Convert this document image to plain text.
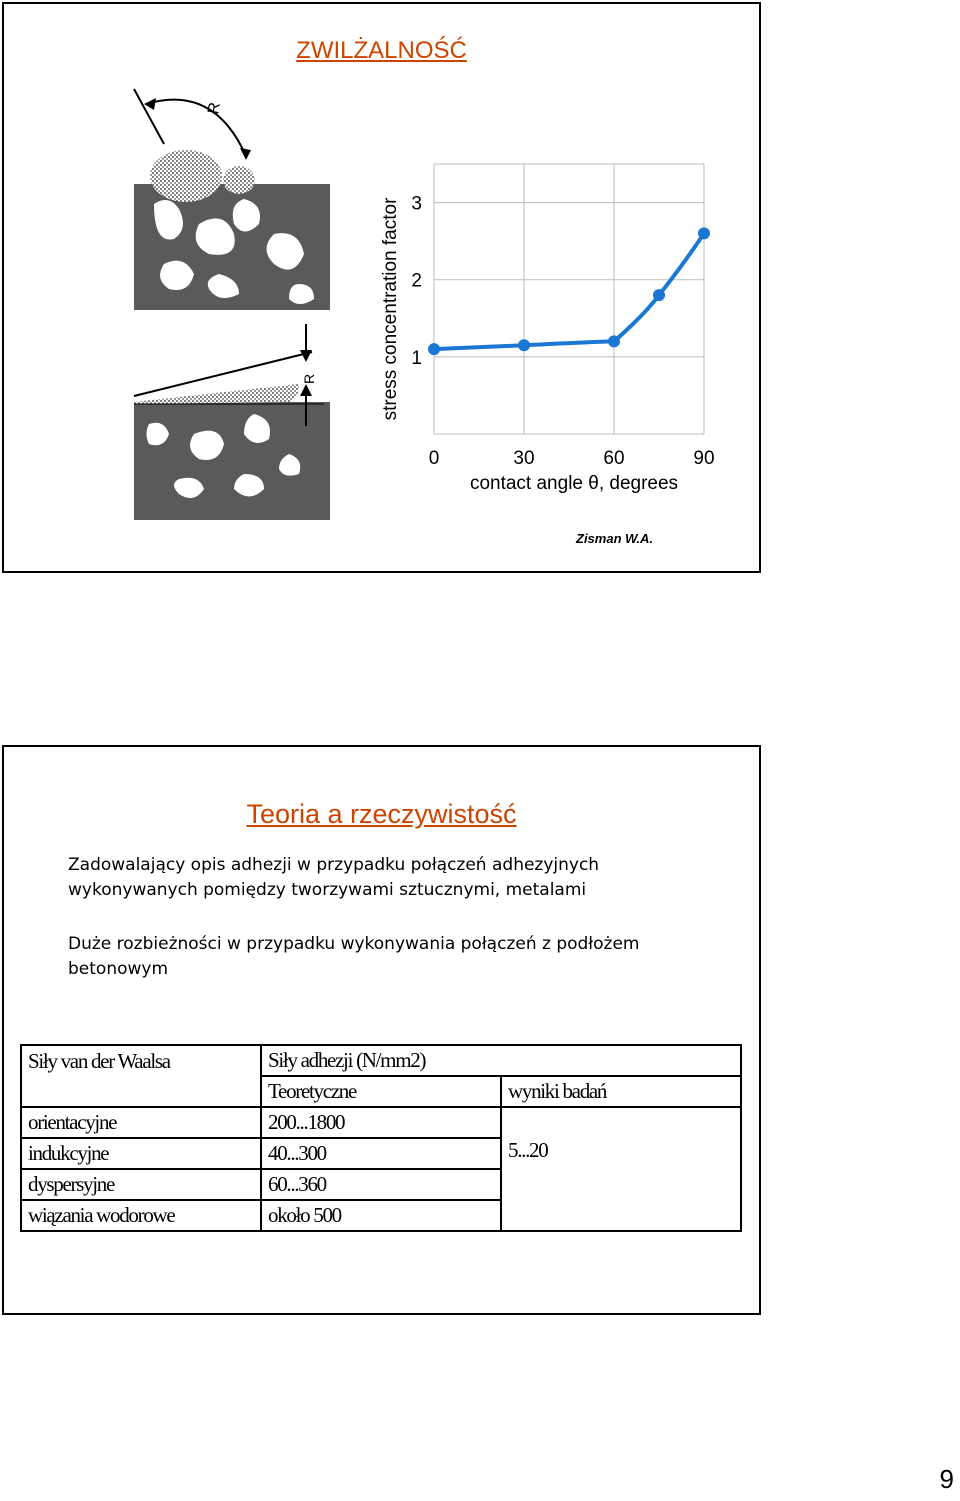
ZWILŻALNOŚĆ
R
R
1
2
3
0	30	60	90
stress concentration factor
contact angle θ, degrees
Zisman W.A.
Teoria a rzeczywistość
Zadowalający opis adhezji w przypadku połączeń adhezyjnych wykonywanych pomiędzy tworzywami sztucznymi, metalami
Duże rozbieżności w przypadku wykonywania połączeń z podłożem betonowym
Siły van der Waalsa	Siły adhezji (N/mm2)	
	Teoretyczne	wyniki badań
orientacyjne	200...1800	5...20
indukcyjne	40...300	
dyspersyjne	60...360	
wiązania wodorowe	około 500	

9
